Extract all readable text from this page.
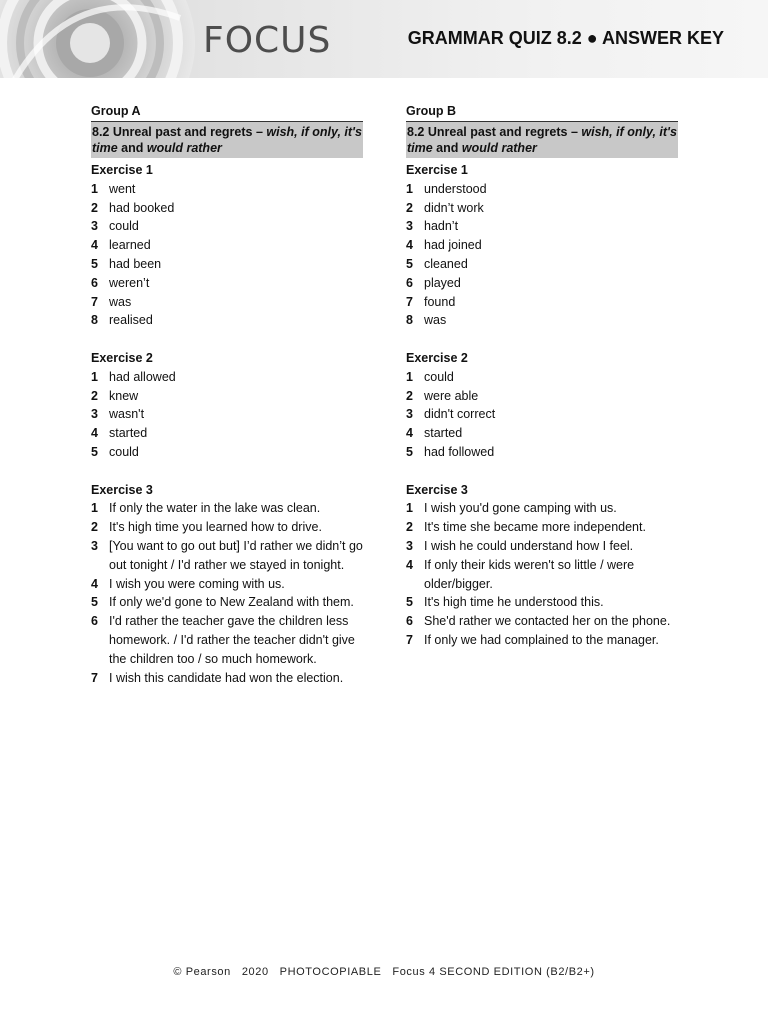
FOCUS	GRAMMAR QUIZ 8.2 ● ANSWER KEY
Group A
8.2 Unreal past and regrets – wish, if only, it's time and would rather
Exercise 1
1 went
2 had booked
3 could
4 learned
5 had been
6 weren’t
7 was
8 realised
Exercise 2
1 had allowed
2 knew
3 wasn't
4 started
5 could
Exercise 3
1 If only the water in the lake was clean.
2 It's high time you learned how to drive.
3 [You want to go out but] I’d rather we didn’t go out tonight / I'd rather we stayed in tonight.
4 I wish you were coming with us.
5 If only we'd gone to New Zealand with them.
6 I'd rather the teacher gave the children less homework. / I'd rather the teacher didn't give the children too / so much homework.
7 I wish this candidate had won the election.
Group B
8.2 Unreal past and regrets – wish, if only, it's time and would rather
Exercise 1
1 understood
2 didn’t work
3 hadn’t
4 had joined
5 cleaned
6 played
7 found
8 was
Exercise 2
1 could
2 were able
3 didn't correct
4 started
5 had followed
Exercise 3
1 I wish you'd gone camping with us.
2 It's time she became more independent.
3 I wish he could understand how I feel.
4 If only their kids weren't so little / were older/bigger.
5 It's high time he understood this.
6 She'd rather we contacted her on the phone.
7 If only we had complained to the manager.
© Pearson   2020   PHOTOCOPIABLE   Focus 4 SECOND EDITION (B2/B2+)
